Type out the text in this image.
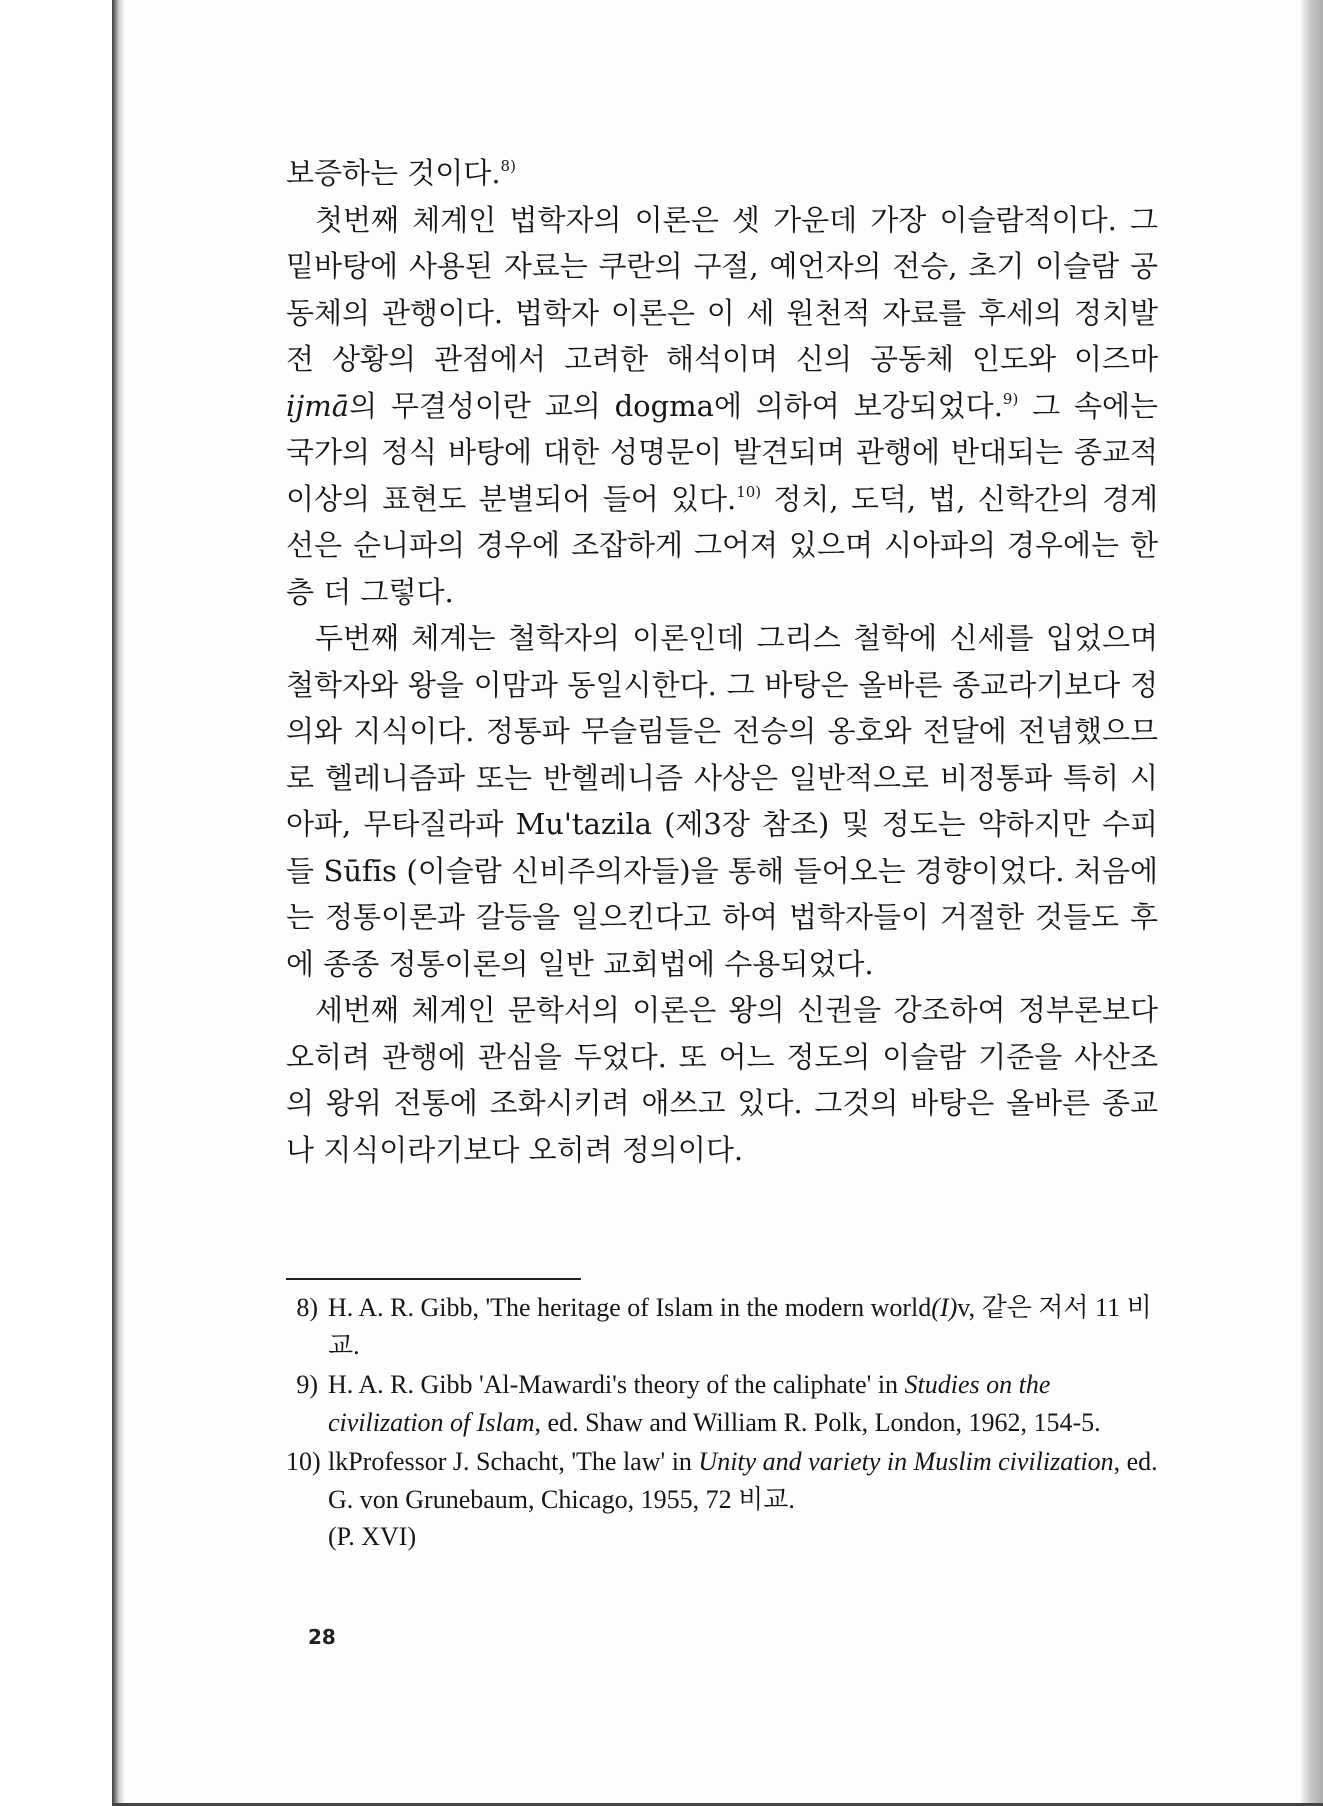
보증하는 것이다.$^{8)}$

첫번째 체계인 법학자의 이론은 셋 가운데 가장 이슬람적이다. 그 밑바탕에 사용된 자료는 쿠란의 구절, 예언자의 전승, 초기 이슬람 공동체의 관행이다. 법학자 이론은 이 세 원천적 자료를 후세의 정치발전 상황의 관점에서 고려한 해석이며 신의 공동체 인도와 이즈마 ijmā의 무결성이란 교의 dogma에 의하여 보강되었다.$^{9)}$ 그 속에는 국가의 정식 바탕에 대한 성명문이 발견되며 관행에 반대되는 종교적 이상의 표현도 분별되어 들어 있다.$^{10)}$ 정치, 도덕, 법, 신학간의 경계선은 순니파의 경우에 조잡하게 그어져 있으며 시아파의 경우에는 한층 더 그렇다.

두번째 체계는 철학자의 이론인데 그리스 철학에 신세를 입었으며 철학자와 왕을 이맘과 동일시한다. 그 바탕은 올바른 종교라기보다 정의와 지식이다. 정통파 무슬림들은 전승의 옹호와 전달에 전념했으므로 헬레니즘파 또는 반헬레니즘 사상은 일반적으로 비정통파 특히 시아파, 무타질라파 Mu'tazila (제3장 참조) 및 정도는 약하지만 수피들 Sūfīs (이슬람 신비주의자들)을 통해 들어오는 경향이었다. 처음에는 정통이론과 갈등을 일으킨다고 하여 법학자들이 거절한 것들도 후에 종종 정통이론의 일반 교회법에 수용되었다.

세번째 체계인 문학서의 이론은 왕의 신권을 강조하여 정부론보다 오히려 관행에 관심을 두었다. 또 어느 정도의 이슬람 기준을 사산조의 왕위 전통에 조화시키려 애쓰고 있다. 그것의 바탕은 올바른 종교나 지식이라기보다 오히려 정의이다.

8) H. A. R. Gibb, 'The heritage of Islam in the modern world(I)v, 같은 저서 11 비교.
9) H. A. R. Gibb 'Al-Mawardi's theory of the caliphate' in Studies on the civilization of Islam, ed. Shaw and William R. Polk, London, 1962, 154-5.
10) lkProfessor J. Schacht, 'The law' in Unity and variety in Muslim civilization, ed. G. von Grunebaum, Chicago, 1955, 72 비교.
(P. XVI)
28
